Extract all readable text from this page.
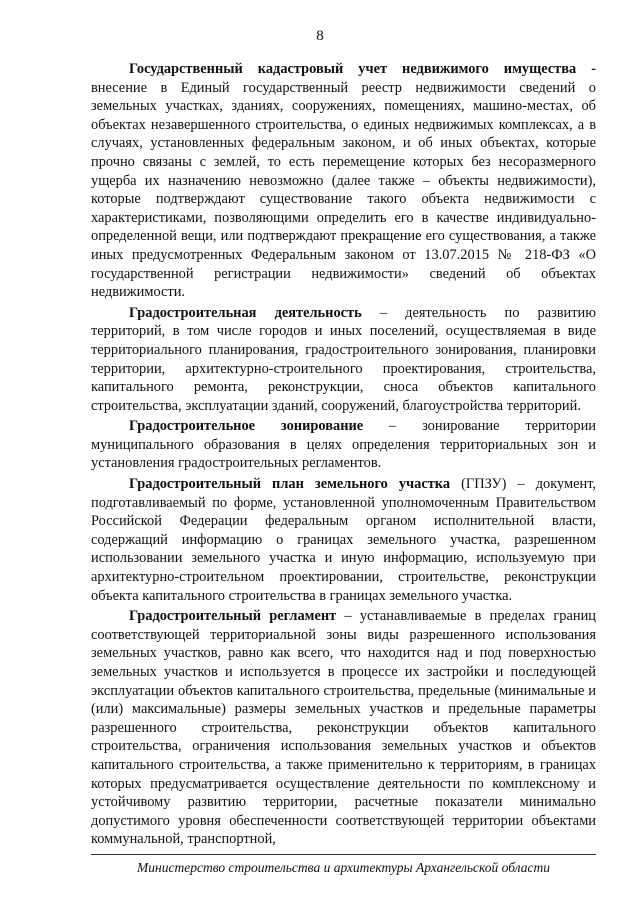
8

Государственный кадастровый учет недвижимого имущества - внесение в Единый государственный реестр недвижимости сведений о земельных участках, зданиях, сооружениях, помещениях, машино-местах, об объектах незавершенного строительства, о единых недвижимых комплексах, а в случаях, установленных федеральным законом, и об иных объектах, которые прочно связаны с землей, то есть перемещение которых без несоразмерного ущерба их назначению невозможно (далее также – объекты недвижимости), которые подтверждают существование такого объекта недвижимости с характеристиками, позволяющими определить его в качестве индивидуально-определенной вещи, или подтверждают прекращение его существования, а также иных предусмотренных Федеральным законом от 13.07.2015 № 218-ФЗ «О государственной регистрации недвижимости» сведений об объектах недвижимости.

Градостроительная деятельность – деятельность по развитию территорий, в том числе городов и иных поселений, осуществляемая в виде территориального планирования, градостроительного зонирования, планировки территории, архитектурно-строительного проектирования, строительства, капитального ремонта, реконструкции, сноса объектов капитального строительства, эксплуатации зданий, сооружений, благоустройства территорий.

Градостроительное зонирование – зонирование территории муниципального образования в целях определения территориальных зон и установления градостроительных регламентов.

Градостроительный план земельного участка (ГПЗУ) – документ, подготавливаемый по форме, установленной уполномоченным Правительством Российской Федерации федеральным органом исполнительной власти, содержащий информацию о границах земельного участка, разрешенном использовании земельного участка и иную информацию, используемую при архитектурно-строительном проектировании, строительстве, реконструкции объекта капитального строительства в границах земельного участка.

Градостроительный регламент – устанавливаемые в пределах границ соответствующей территориальной зоны виды разрешенного использования земельных участков, равно как всего, что находится над и под поверхностью земельных участков и используется в процессе их застройки и последующей эксплуатации объектов капитального строительства, предельные (минимальные и (или) максимальные) размеры земельных участков и предельные параметры разрешенного строительства, реконструкции объектов капитального строительства, ограничения использования земельных участков и объектов капитального строительства, а также применительно к территориям, в границах которых предусматривается осуществление деятельности по комплексному и устойчивому развитию территории, расчетные показатели минимально допустимого уровня обеспеченности соответствующей территории объектами коммунальной, транспортной,

Министерство строительства и архитектуры Архангельской области
